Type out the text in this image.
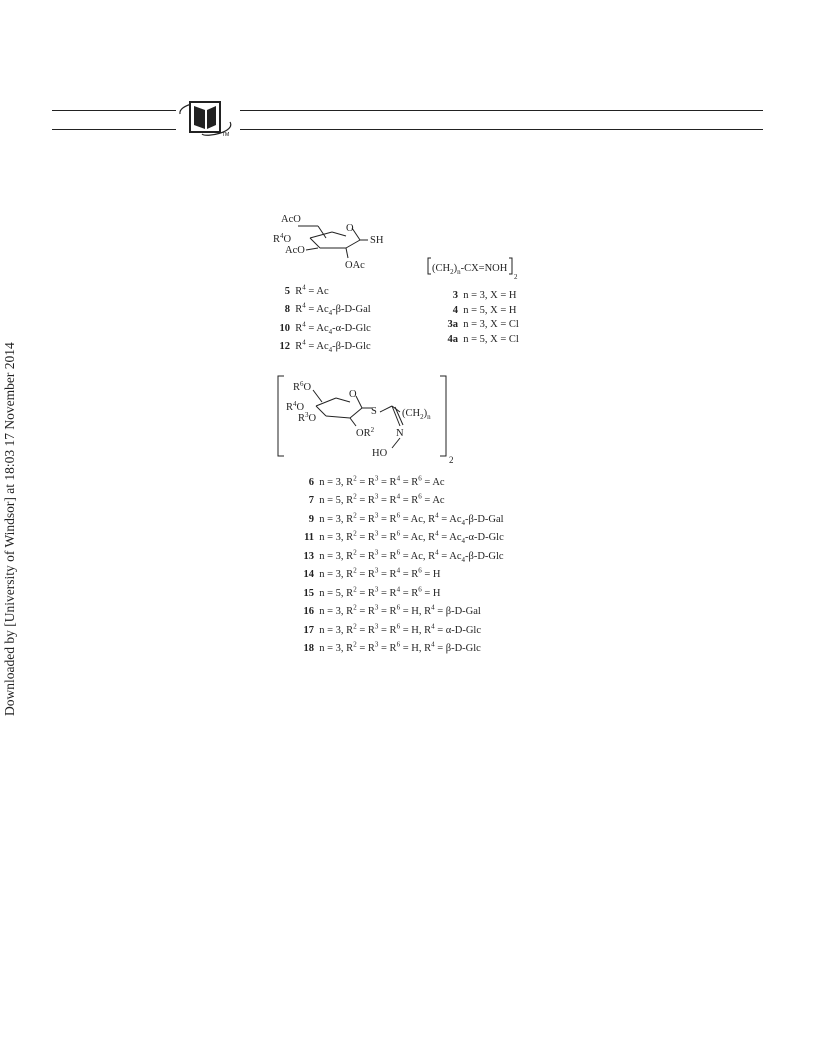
TM
Downloaded by [University of Windsor] at 18:03 17 November 2014
AcO
$R^4O$
AcO
O
SH
OAc	$(CH_2)_n-CX=NOH$
2
$R^6O$
$R^4O$
$R^3O$
O
S $(CH_2)_n$
$OR^2$ N
HO
2
5  $R^4 = Ac$
8  $R^4 = Ac_4-\beta-D-Gal$
10  $R^4 = Ac_4-\alpha-D-Glc$
12  $R^4 = Ac_4-\beta-D-Glc$
3  n = 3, X = H
4  n = 5, X = H
3a  n = 3, X = Cl
4a  n = 5, X = Cl
6  n = 3, $R^2 = R^3 = R^4 = R^6 = Ac$
7  n = 5, $R^2 = R^3 = R^4 = R^6 = Ac$
9  n = 3, $R^2 = R^3 = R^6 = Ac$, $R^4 = Ac_4-\beta-D-Gal$
11  n = 3, $R^2 = R^3 = R^6 = Ac$, $R^4 = Ac_4-\alpha-D-Glc$
13  n = 3, $R^2 = R^3 = R^6 = Ac$, $R^4 = Ac_4-\beta-D-Glc$
14  n = 3, $R^2 = R^3 = R^4 = R^6 = H$
15  n = 5, $R^2 = R^3 = R^4 = R^6 = H$
16  n = 3, $R^2 = R^3 = R^6 = H$, $R^4 = \beta-D-Gal$
17  n = 3, $R^2 = R^3 = R^6 = H$, $R^4 = \alpha-D-Glc$
18  n = 3, $R^2 = R^3 = R^6 = H$, $R^4 = \beta-D-Glc$
